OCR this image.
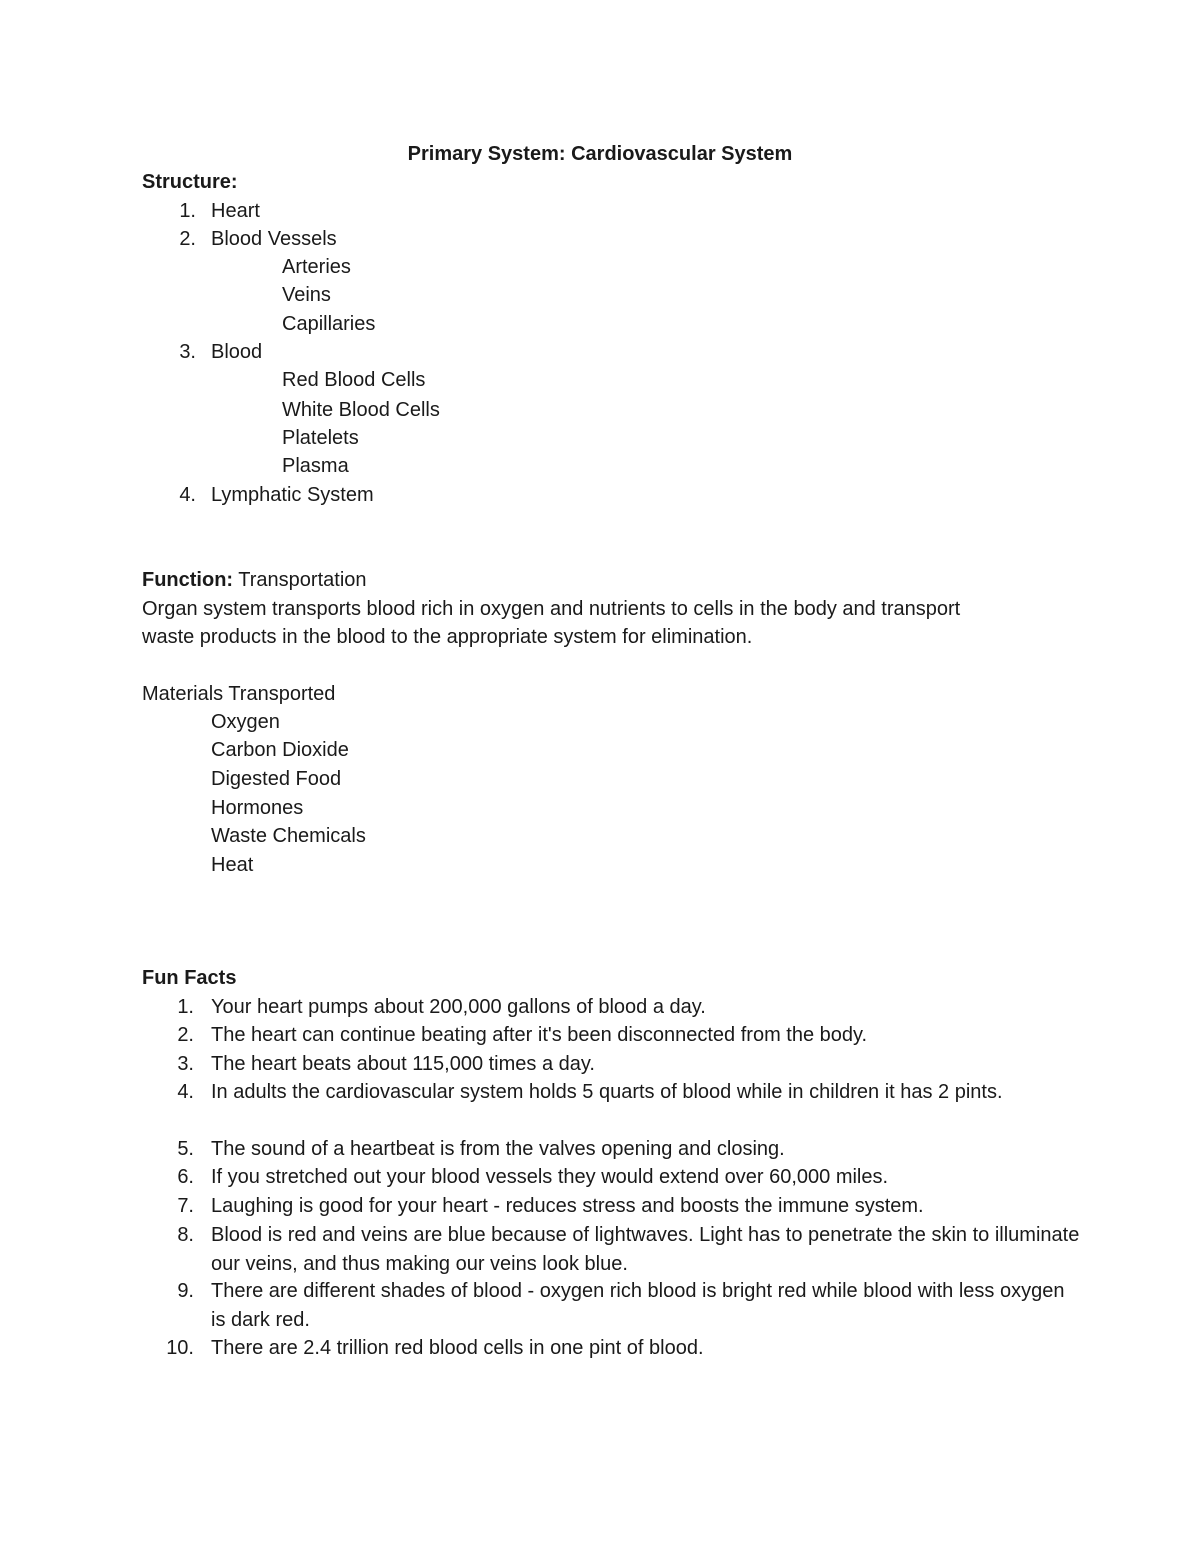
Primary System: Cardiovascular System
Structure:
1. Heart
2. Blood Vessels
Arteries
Veins
Capillaries
3. Blood
Red Blood Cells
White Blood Cells
Platelets
Plasma
4. Lymphatic System
Function: Transportation
Organ system transports blood rich in oxygen and nutrients to cells in the body and transport
waste products in the blood to the appropriate system for elimination.
Materials Transported
Oxygen
Carbon Dioxide
Digested Food
Hormones
Waste Chemicals
Heat
Fun Facts
1. Your heart pumps about 200,000 gallons of blood a day.
2. The heart can continue beating after it's been disconnected from the body.
3. The heart beats about 115,000 times a day.
4. In adults the cardiovascular system holds 5 quarts of blood while in children it has 2 pints.
5. The sound of a heartbeat is from the valves opening and closing.
6. If you stretched out your blood vessels they would extend over 60,000 miles.
7. Laughing is good for your heart - reduces stress and boosts the immune system.
8. Blood is red and veins are blue because of lightwaves. Light has to penetrate the skin to illuminate our veins, and thus making our veins look blue.
9. There are different shades of blood - oxygen rich blood is bright red while blood with less oxygen is dark red.
10. There are 2.4 trillion red blood cells in one pint of blood.
